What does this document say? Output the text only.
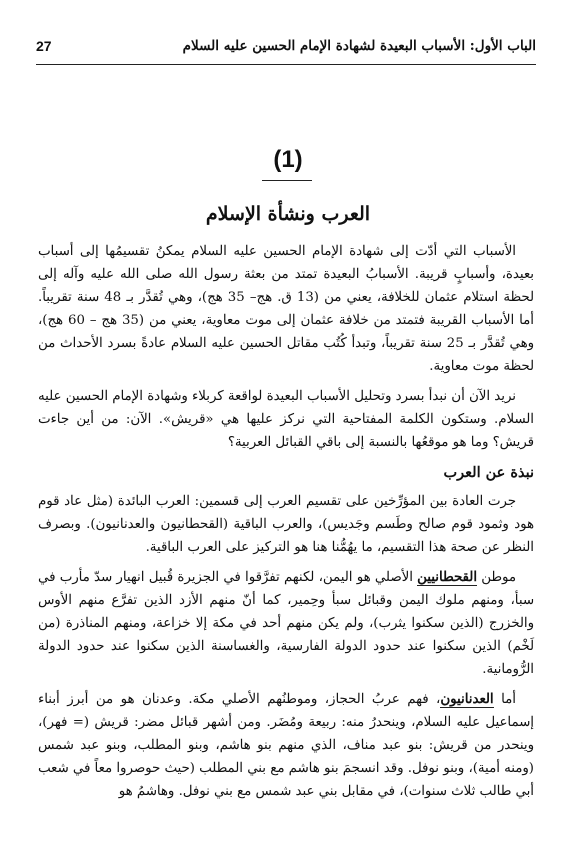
الباب الأول: الأسباب البعيدة لشهادة الإمام الحسين عليه السلام
27
(1)
العرب ونشأة الإسلام

الأسباب التي أدّت إلى شهادة الإمام الحسين عليه السلام يمكنُ تقسيمُها إلى أسباب بعيدة، وأسبابٍ قريبة. الأسبابُ البعيدة تمتد من بعثة رسول الله صلى الله عليه وآله إلى لحظة استلام عثمان للخلافة، يعني من (13 ق. هج– 35 هج)، وهي تُقدَّر بـ 48 سنة تقريباً. أما الأسباب القريبة فتمتد من خلافة عثمان إلى موت معاوية، يعني من (35 هج – 60 هج)، وهي تُقدَّر بـ 25 سنة تقريباً، وتبدأ كُتُب مقاتل الحسين عليه السلام عادةً بسرد الأحداث من لحظة موت معاوية.

نريد الآن أن نبدأ بسرد وتحليل الأسباب البعيدة لواقعة كربلاء وشهادة الإمام الحسين عليه السلام. وستكون الكلمة المفتاحية التي نركز عليها هي «قريش». الآن: من أين جاءت قريش؟ وما هو موقعُها بالنسبة إلى باقي القبائل العربية؟

نبذة عن العرب

جرت العادة بين المؤرِّخين على تقسيم العرب إلى قسمين: العرب البائدة (مثل عاد قوم هود وثمود قوم صالح وطَسم وجَديس)، والعرب الباقية (القحطانيون والعدنانيون). وبصرف النظر عن صحة هذا التقسيم، ما يهُمُّنا هنا هو التركيز على العرب الباقية.

موطن القحطانيين الأصلي هو اليمن، لكنهم تفرَّقوا في الجزيرة قُبيل انهيار سدّ مأرب في سبأ، ومنهم ملوك اليمن وقبائل سبأ وحِمير، كما أنّ منهم الأزد الذين تفرَّع منهم الأوس والخزرج (الذين سكنوا يثرب)، ولم يكن منهم أحد في مكة إلا خزاعة، ومنهم المناذرة (من لَخْم) الذين سكنوا عند حدود الدولة الفارسية، والغساسنة الذين سكنوا عند حدود الدولة الرُّومانية.

أما العدنانيون، فهم عربُ الحجاز، وموطنُهم الأصلي مكة. وعدنان هو من أبرز أبناء إسماعيل عليه السلام، وينحدرُ منه: ربيعة ومُضَر. ومن أشهر قبائل مضر: قريش (= فهر)، وينحدر من قريش: بنو عبد مناف، الذي منهم بنو هاشم، وبنو المطلب، وبنو عبد شمس (ومنه أمية)، وبنو نوفل. وقد انسجمَ بنو هاشم مع بني المطلب (حيث حوصروا معاً في شعب أبي طالب ثلاث سنوات)، في مقابل بني عبد شمس مع بني نوفل. وهاشمُ هو
